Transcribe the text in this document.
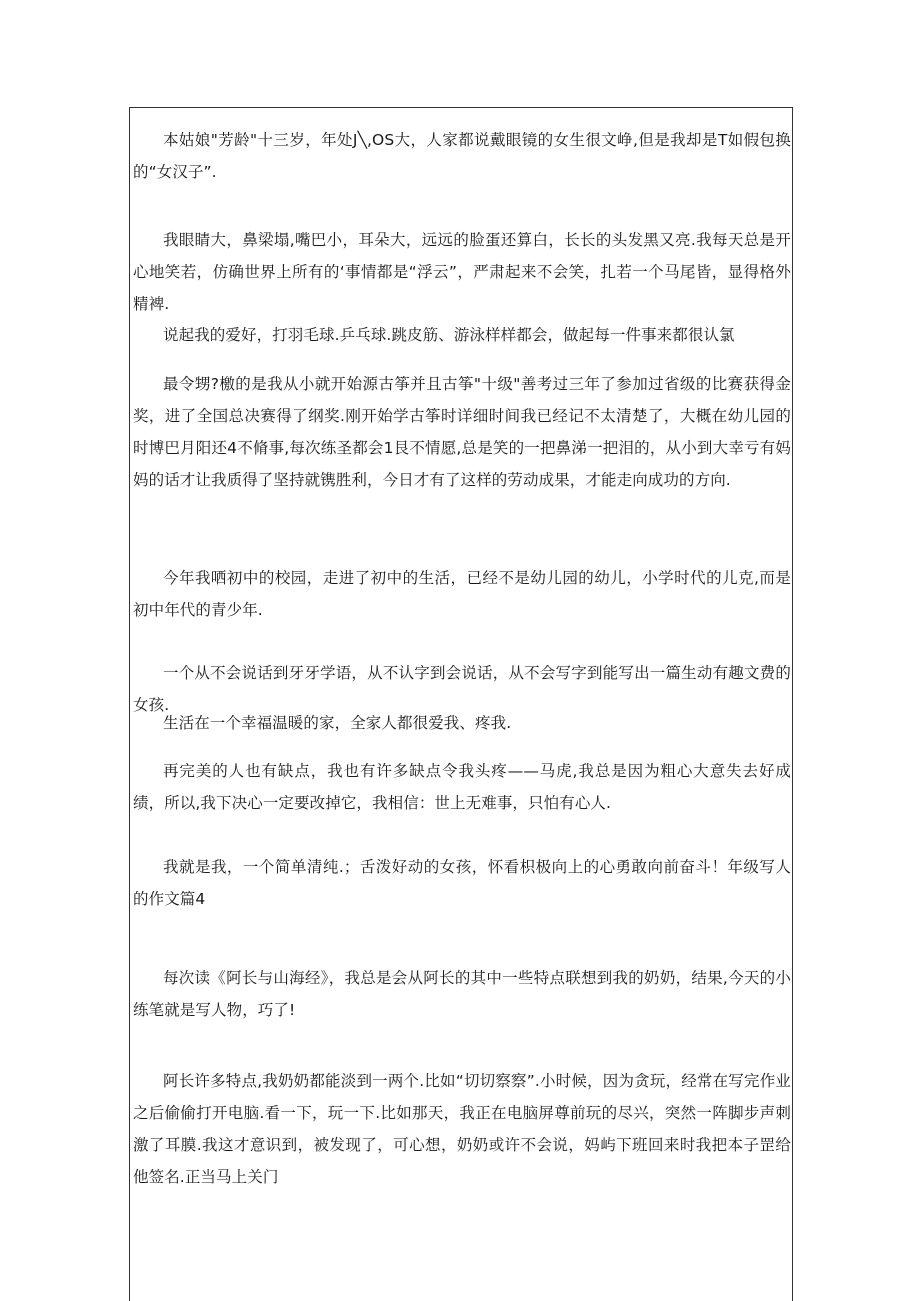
本姑娘"芳龄"十三岁，年处J╲,OS大，人家都说戴眼镜的女生很文峥,但是我却是T如假包换的“女汉子”.

我眼睛大，鼻梁塌,嘴巴小，耳朵大，远远的脸蛋还算白，长长的头发黑又亮.我每天总是开心地笑若，仿确世界上所有的‘事情都是“浮云”，严肃起来不会笑，扎若一个马尾皆，显得格外精裨.

说起我的爱好，打羽毛球.乒乓球.跳皮筋、游泳样样都会，做起每一件事来都很认氯

最令甥?檄的是我从小就开始源古筝并且古筝"十级"善考过三年了参加过省级的比赛获得金奖，进了全国总决赛得了纲奖.刚开始学古筝时详细时间我已经记不太清楚了，大概在幼儿园的时博巴月阳还4不脩事,每次练圣都会1艮不情愿,总是笑的一把鼻涕一把泪的，从小到大幸亏有妈妈的话才让我质得了坚持就镌胜利，今日才有了这样的劳动成果，才能走向成功的方向.

今年我哂初中的校园，走进了初中的生活，已经不是幼儿园的幼儿，小学时代的儿克,而是初中年代的青少年.

一个从不会说话到牙牙学语，从不认字到会说话，从不会写字到能写出一篇生动有趣文费的女孩.

生活在一个幸福温暖的家，全家人都很爱我、疼我.

再完美的人也有缺点，我也有许多缺点令我头疼——马虎,我总是因为粗心大意失去好成绩，所以,我下决心一定要改掉它，我相信：世上无难事，只怕有心人.

我就是我，一个简单清纯.；舌泼好动的女孩，怀看枳极向上的心勇敢向前奋斗！年级写人的作文篇4

每次读《阿长与山海经》，我总是会从阿长的其中一些特点联想到我的奶奶，结果,今天的小练笔就是写人物，巧了!

阿长许多特点,我奶奶都能淡到一两个.比如“切切察察”.小时候，因为贪玩，经常在写完作业之后偷偷打开电脑.看一下，玩一下.比如那天，我正在电脑屏尊前玩的尽兴，突然一阵脚步声刺激了耳膜.我这才意识到，被发现了，可心想，奶奶或许不会说，妈屿下班回来时我把本子罡给他签名.正当马上关门
